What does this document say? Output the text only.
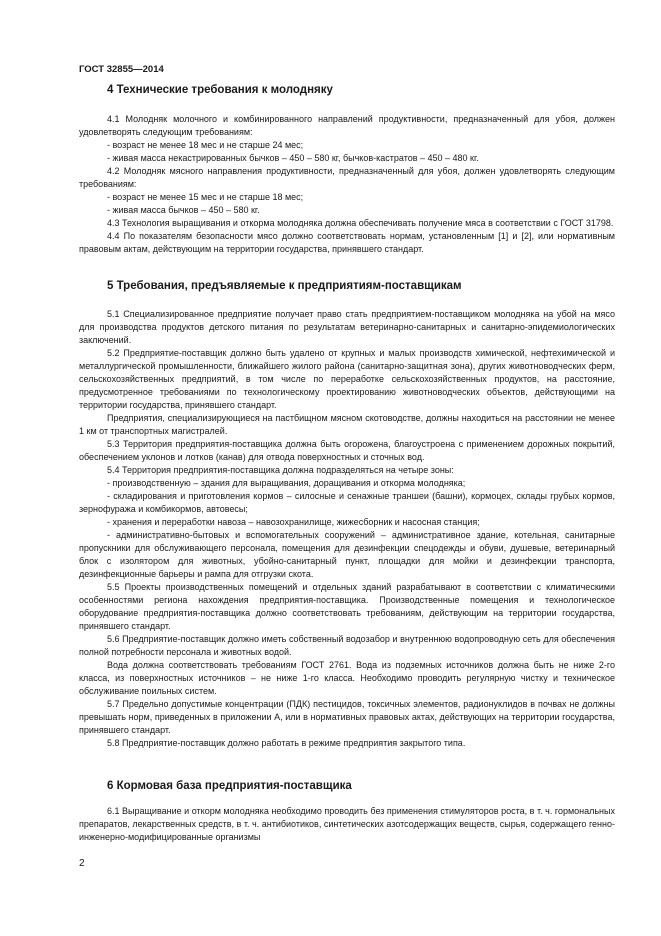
ГОСТ 32855—2014
4 Технические требования к молодняку

4.1 Молодняк молочного и комбинированного направлений продуктивности, предназначенный для убоя, должен удовлетворять следующим требованиям:

- возраст не менее 18 мес и не старше 24 мес;

- живая масса некастрированных бычков – 450 – 580 кг, бычков-кастратов – 450 – 480 кг.

4.2 Молодняк мясного направления продуктивности, предназначенный для убоя, должен удовлетворять следующим требованиям:

- возраст не менее 15 мес и не старше 18 мес;

- живая масса бычков – 450 – 580 кг.

4.3 Технология выращивания и откорма молодняка должна обеспечивать получение мяса в соответствии с ГОСТ 31798.

4.4 По показателям безопасности мясо должно соответствовать нормам, установленным [1] и [2], или нормативным правовым актам, действующим на территории государства, принявшего стандарт.

5 Требования, предъявляемые к предприятиям-поставщикам

5.1 Специализированное предприятие получает право стать предприятием-поставщиком молодняка на убой на мясо для производства продуктов детского питания по результатам ветеринарно-санитарных и санитарно-эпидемиологических заключений.

5.2 Предприятие-поставщик должно быть удалено от крупных и малых производств химической, нефтехимической и металлургической промышленности, ближайшего жилого района (санитарно-защитная зона), других животноводческих ферм, сельскохозяйственных предприятий, в том числе по переработке сельскохозяйственных продуктов, на расстояние, предусмотренное требованиями по технологическому проектированию животноводческих объектов, действующими на территории государства, принявшего стандарт.

Предприятия, специализирующиеся на пастбищном мясном скотоводстве, должны находиться на расстоянии не менее 1 км от транспортных магистралей.

5.3 Территория предприятия-поставщика должна быть огорожена, благоустроена с применением дорожных покрытий, обеспечением уклонов и лотков (канав) для отвода поверхностных и сточных вод.

5.4 Территория предприятия-поставщика должна подразделяться на четыре зоны:

- производственную – здания для выращивания, доращивания и откорма молодняка;

- складирования и приготовления кормов – силосные и сенажные траншеи (башни), кормоцех, склады грубых кормов, зернофуража и комбикормов, автовесы;

- хранения и переработки навоза – навозохранилище, жижесборник и насосная станция;

- административно-бытовых и вспомогательных сооружений – административное здание, котельная, санитарные пропускники для обслуживающего персонала, помещения для дезинфекции спецодежды и обуви, душевые, ветеринарный блок с изолятором для животных, убойно-санитарный пункт, площадки для мойки и дезинфекции транспорта, дезинфекционные барьеры и рампа для отгрузки скота.

5.5 Проекты производственных помещений и отдельных зданий разрабатывают в соответствии с климатическими особенностями региона нахождения предприятия-поставщика. Производственные помещения и технологическое оборудование предприятия-поставщика должно соответствовать требованиям, действующим на территории государства, принявшего стандарт.

5.6 Предприятие-поставщик должно иметь собственный водозабор и внутреннюю водопроводную сеть для обеспечения полной потребности персонала и животных водой.

Вода должна соответствовать требованиям ГОСТ 2761. Вода из подземных источников должна быть не ниже 2-го класса, из поверхностных источников – не ниже 1-го класса. Необходимо проводить регулярную чистку и техническое обслуживание поильных систем.

5.7 Предельно допустимые концентрации (ПДК) пестицидов, токсичных элементов, радионуклидов в почвах не должны превышать норм, приведенных в приложении А, или в нормативных правовых актах, действующих на территории государства, принявшего стандарт.

5.8 Предприятие-поставщик должно работать в режиме предприятия закрытого типа.

6 Кормовая база предприятия-поставщика

6.1 Выращивание и откорм молодняка необходимо проводить без применения стимуляторов роста, в т. ч. гормональных препаратов, лекарственных средств, в т. ч. антибиотиков, синтетических азотсодержащих веществ, сырья, содержащего генно-инженерно-модифицированные организмы

2
